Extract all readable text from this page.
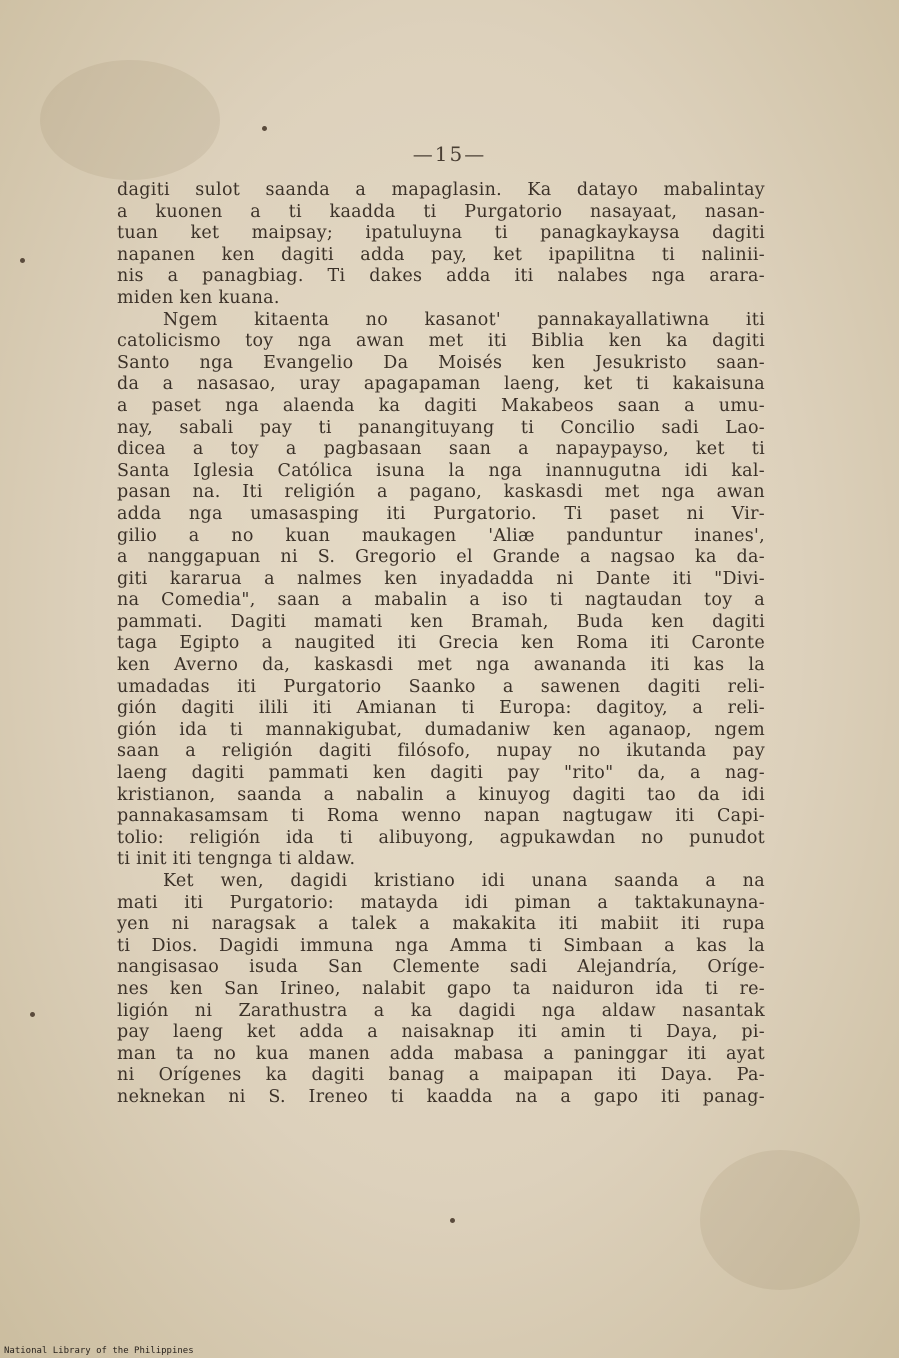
—15—
dagiti sulot saanda a mapaglasin. Ka datayo mabalintay
a kuonen a ti kaadda ti Purgatorio nasayaat, nasan-
tuan ket maipsay; ipatuluyna ti panagkaykaysa dagiti
napanen ken dagiti adda pay, ket ipapilitna ti nalinii-
nis a panagbiag. Ti dakes adda iti nalabes nga arara-
miden ken kuana.
Ngem kitaenta no kasanot' pannakayallatiwna iti
catolicismo toy nga awan met iti Biblia ken ka dagiti
Santo nga Evangelio Da Moisés ken Jesukristo saan-
da a nasasao, uray apagapaman laeng, ket ti kakaisuna
a paset nga alaenda ka dagiti Makabeos saan a umu-
nay, sabali pay ti panangituyang ti Concilio sadi Lao-
dicea a toy a pagbasaan saan a napaypayso, ket ti
Santa Iglesia Católica isuna la nga inannugutna idi kal-
pasan na. Iti religión a pagano, kaskasdi met nga awan
adda nga umasasping iti Purgatorio. Ti paset ni Vir-
gilio a no kuan maukagen 'Aliæ panduntur inanes',
a nanggapuan ni S. Gregorio el Grande a nagsao ka da-
giti kararua a nalmes ken inyadadda ni Dante iti "Divi-
na Comedia", saan a mabalin a iso ti nagtaudan toy a
pammati. Dagiti mamati ken Bramah, Buda ken dagiti
taga Egipto a naugited iti Grecia ken Roma iti Caronte
ken Averno da, kaskasdi met nga awananda iti kas la
umadadas iti Purgatorio Saanko a sawenen dagiti reli-
gión dagiti ilili iti Amianan ti Europa: dagitoy, a reli-
gión ida ti mannakigubat, dumadaniw ken aganaop, ngem
saan a religión dagiti filósofo, nupay no ikutanda pay
laeng dagiti pammati ken dagiti pay "rito" da, a nag-
kristianon, saanda a nabalin a kinuyog dagiti tao da idi
pannakasamsam ti Roma wenno napan nagtugaw iti Capi-
tolio: religión ida ti alibuyong, agpukawdan no punudot
ti init iti tengnga ti aldaw.
Ket wen, dagidi kristiano idi unana saanda a na
mati iti Purgatorio: matayda idi piman a taktakunayna-
yen ni naragsak a talek a makakita iti mabiit iti rupa
ti Dios. Dagidi immuna nga Amma ti Simbaan a kas la
nangisasao isuda San Clemente sadi Alejandría, Oríge-
nes ken San Irineo, nalabit gapo ta naiduron ida ti re-
ligión ni Zarathustra a ka dagidi nga aldaw nasantak
pay laeng ket adda a naisaknap iti amin ti Daya, pi-
man ta no kua manen adda mabasa a paninggar iti ayat
ni Orígenes ka dagiti banag a maipapan iti Daya. Pa-
neknekan ni S. Ireneo ti kaadda na a gapo iti panag-
National Library of the Philippines
